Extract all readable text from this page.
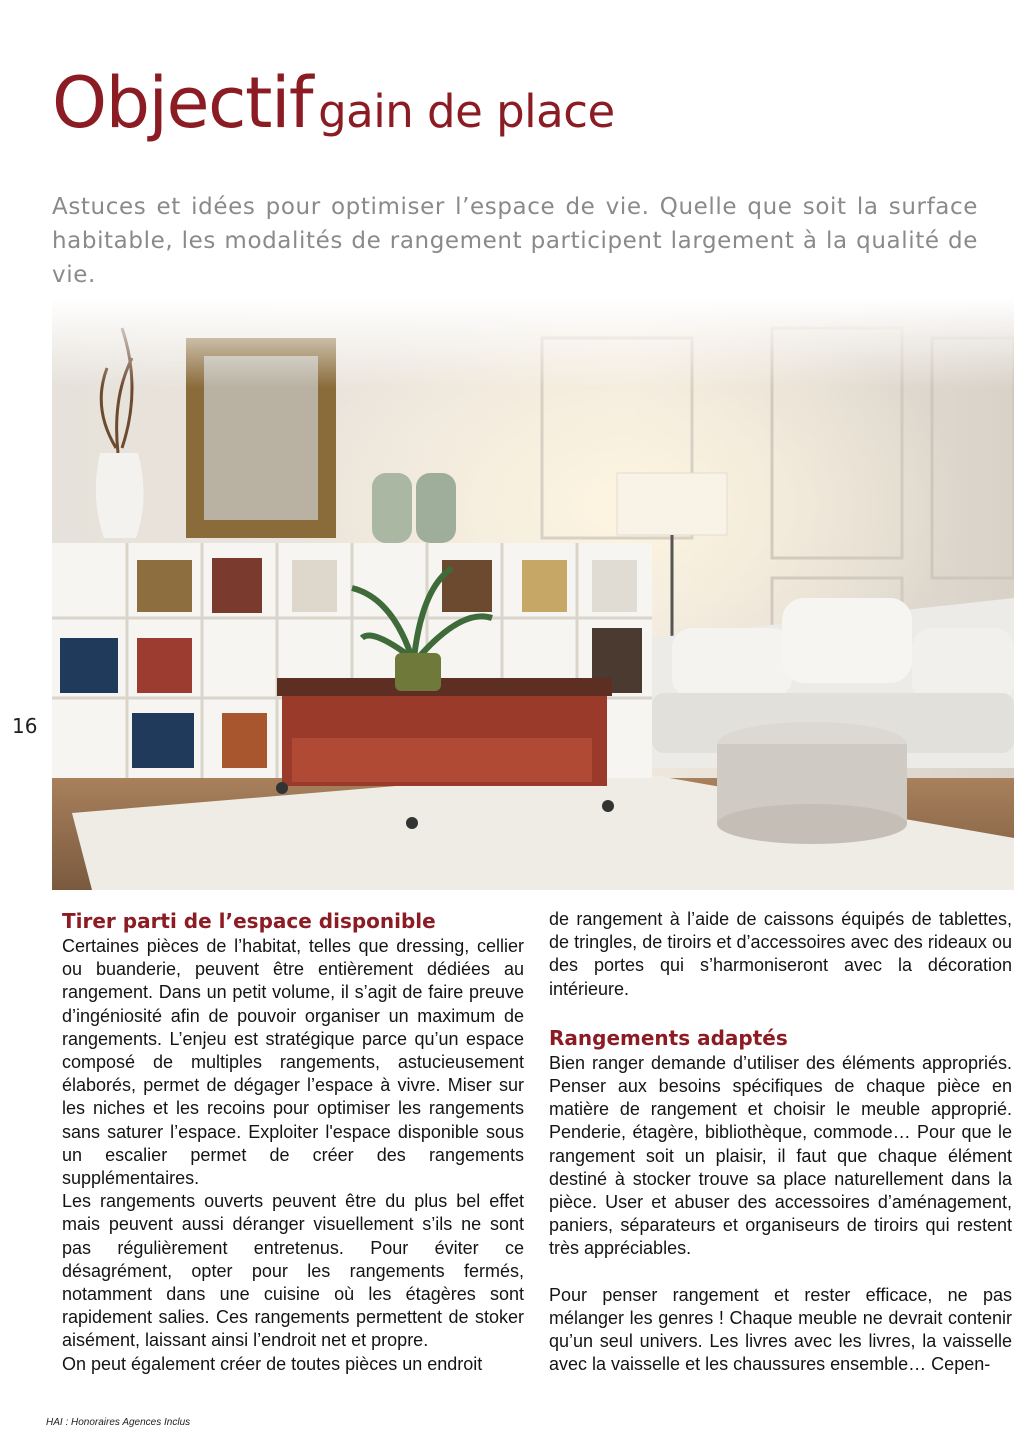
Objectif gain de place

Astuces et idées pour optimiser l’espace de vie. Quelle que soit la surface habitable, les modalités de rangement participent largement à la qualité de vie.

16
Tirer parti de l’espace disponible

Certaines pièces de l’habitat, telles que dressing, cellier ou buanderie, peuvent être entièrement dédiées au rangement. Dans un petit volume, il s’agit de faire preuve d’ingéniosité afin de pouvoir organiser un maximum de rangements. L’enjeu est stratégique parce qu’un espace composé de multiples rangements, astucieusement élaborés, permet de dégager l’espace à vivre. Miser sur les niches et les recoins pour optimiser les rangements sans saturer l’espace. Exploiter l'espace disponible sous un escalier permet de créer des rangements supplémentaires.

Les rangements ouverts peuvent être du plus bel effet mais peuvent aussi déranger visuellement s’ils ne sont pas régulièrement entretenus. Pour éviter ce désagrément, opter pour les rangements fermés, notamment dans une cuisine où les étagères sont rapidement salies. Ces rangements permettent de stoker aisément, laissant ainsi l’endroit net et propre.

On peut également créer de toutes pièces un endroit

de rangement à l’aide de caissons équipés de tablettes, de tringles, de tiroirs et d’accessoires avec des rideaux ou des portes qui s’harmoniseront avec la décoration intérieure.

Rangements adaptés

Bien ranger demande d’utiliser des éléments appropriés. Penser aux besoins spécifiques de chaque pièce en matière de rangement et choisir le meuble approprié. Penderie, étagère, bibliothèque, commode… Pour que le rangement soit un plaisir, il faut que chaque élément destiné à stocker trouve sa place naturellement dans la pièce. User et abuser des accessoires d’aménagement, paniers, séparateurs et organiseurs de tiroirs qui restent très appréciables.

Pour penser rangement et rester efficace, ne pas mélanger les genres ! Chaque meuble ne devrait contenir qu’un seul univers. Les livres avec les livres, la vaisselle avec la vaisselle et les chaussures ensemble… Cepen-

HAI : Honoraires Agences Inclus
